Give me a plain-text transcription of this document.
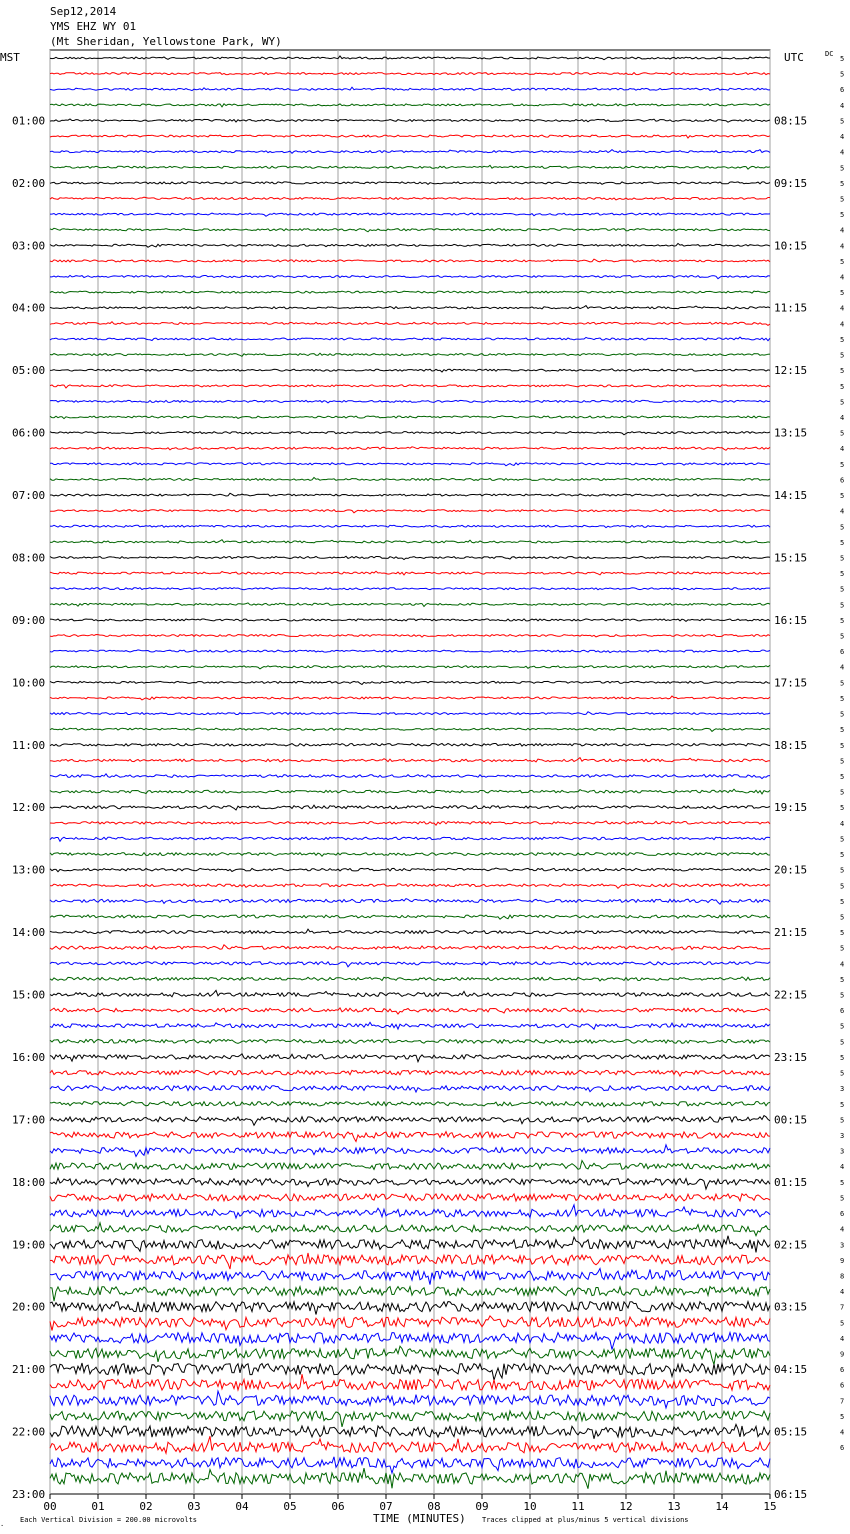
Sep12,2014
YMS EHZ WY 01
(Mt Sheridan, Yellowstone Park, WY)
00	01	02	03	04	05	06	07	08	09	10	11	12	13	14	15
5
5
6
4
5
4
4
5
5
5
5
4
4
5
4
5
4
4
5
5
5
5
5
4
5
4
5
6
5
4
5
5
5
5
5
5
5
5
6
4
5
5
5
5
5
5
5
5
5
4
5
5
5
5
5
5
5
5
4
5
5
6
5
5
5
5
3
5
5
3
3
4
5
5
6
4
3
9
8
4
7
5
4
9
6
6
7
5
4
6
01:00	08:15
02:00	09:15
03:00	10:15
04:00	11:15
05:00	12:15
06:00	13:15
07:00	14:15
08:00	15:15
09:00	16:15
10:00	17:15
11:00	18:15
12:00	19:15
13:00	20:15
14:00	21:15
15:00	22:15
16:00	23:15
17:00	00:15
18:00	01:15
19:00	02:15
20:00	03:15
21:00	04:15
22:00	05:15
23:00	06:15
MST	UTC	DC
Each Vertical Division = 200.00 microvolts	TIME (MINUTES) Traces clipped at plus/minus 5 vertical divisions
.
